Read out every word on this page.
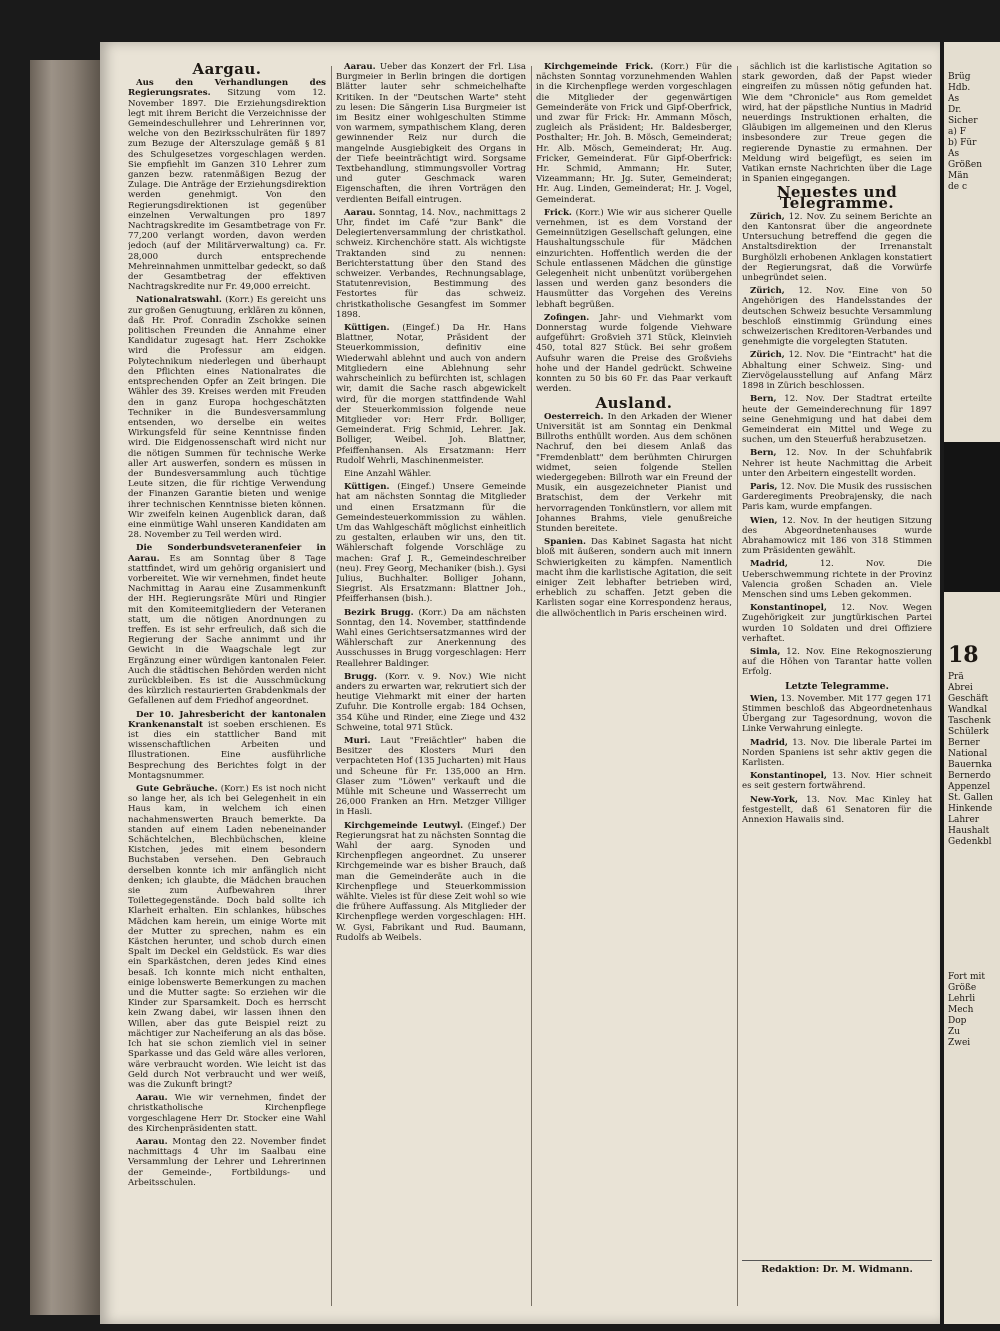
Aargau.

Aus den Verhandlungen des Regierungsrates. Sitzung vom 12. November 1897. Die Erziehungsdirektion legt mit ihrem Bericht die Verzeichnisse der Gemeindeschullehrer und Lehrerinnen vor, welche von den Bezirksschulräten für 1897 zum Bezuge der Alterszulage gemäß § 81 des Schulgesetzes vorgeschlagen werden. Sie empfiehlt im Ganzen 310 Lehrer zum ganzen bezw. ratenmäßigen Bezug der Zulage. Die Anträge der Erziehungsdirektion werden genehmigt. Von den Regierungsdirektionen ist gegenüber einzelnen Verwaltungen pro 1897 Nachtragskredite im Gesamtbetrage von Fr. 77,200 verlangt worden, davon werden jedoch (auf der Militärverwaltung) ca. Fr. 28,000 durch entsprechende Mehreinnahmen unmittelbar gedeckt, so daß der Gesamtbetrag der effektiven Nachtragskredite nur Fr. 49,000 erreicht.

Nationalratswahl. (Korr.) Es gereicht uns zur großen Genugtuung, erklären zu können, daß Hr. Prof. Conradin Zschokke seinen politischen Freunden die Annahme einer Kandidatur zugesagt hat. Herr Zschokke wird die Professur am eidgen. Polytechnikum niederlegen und überhaupt den Pflichten eines Nationalrates die entsprechenden Opfer an Zeit bringen. Die Wähler des 39. Kreises werden mit Freuden den in ganz Europa hochgeschätzten Techniker in die Bundesversammlung entsenden, wo derselbe ein weites Wirkungsfeld für seine Kenntnisse finden wird. Die Eidgenossenschaft wird nicht nur die nötigen Summen für technische Werke aller Art auswerfen, sondern es müssen in der Bundesversammlung auch tüchtige Leute sitzen, die für richtige Verwendung der Finanzen Garantie bieten und wenige ihrer technischen Kenntnisse bieten können. Wir zweifeln keinen Augenblick daran, daß eine einmütige Wahl unseren Kandidaten am 28. November zu Teil werden wird.

Die Sonderbundsveteranenfeier in Aarau. Es am Sonntag über 8 Tage stattfindet, wird um gehörig organisiert und vorbereitet. Wie wir vernehmen, findet heute Nachmittag in Aarau eine Zusammenkunft der HH. Regierungsräte Müri und Ringier mit den Komiteemitgliedern der Veteranen statt, um die nötigen Anordnungen zu treffen. Es ist sehr erfreulich, daß sich die Regierung der Sache annimmt und ihr Gewicht in die Waagschale legt zur Ergänzung einer würdigen kantonalen Feier. Auch die städtischen Behörden werden nicht zurückbleiben. Es ist die Ausschmückung des kürzlich restaurierten Grabdenkmals der Gefallenen auf dem Friedhof angeordnet.

Der 10. Jahresbericht der kantonalen Krankenanstalt ist soeben erschienen. Es ist dies ein stattlicher Band mit wissenschaftlichen Arbeiten und Illustrationen. Eine ausführliche Besprechung des Berichtes folgt in der Montagsnummer.

Gute Gebräuche. (Korr.) Es ist noch nicht so lange her, als ich bei Gelegenheit in ein Haus kam, in welchem ich einen nachahmenswerten Brauch bemerkte. Da standen auf einem Laden nebeneinander Schächtelchen, Blechbüchschen, kleine Kistchen, jedes mit einem besondern Buchstaben versehen. Den Gebrauch derselben konnte ich mir anfänglich nicht denken; ich glaubte, die Mädchen brauchen sie zum Aufbewahren ihrer Toilettegegenstände. Doch bald sollte ich Klarheit erhalten. Ein schlankes, hübsches Mädchen kam herein, um einige Worte mit der Mutter zu sprechen, nahm es ein Kästchen herunter, und schob durch einen Spalt im Deckel ein Geldstück. Es war dies ein Sparkästchen, deren jedes Kind eines besaß. Ich konnte mich nicht enthalten, einige lobenswerte Bemerkungen zu machen und die Mutter sagte: So erziehen wir die Kinder zur Sparsamkeit. Doch es herrscht kein Zwang dabei, wir lassen ihnen den Willen, aber das gute Beispiel reizt zu mächtiger zur Nacheiferung an als das böse. Ich hat sie schon ziemlich viel in seiner Sparkasse und das Geld wäre alles verloren, wäre verbraucht worden. Wie leicht ist das Geld durch Not verbraucht und wer weiß, was die Zukunft bringt?

Aarau. Wie wir vernehmen, findet der christkatholische Kirchenpflege vorgeschlagene Herr Dr. Stocker eine Wahl des Kirchenpräsidenten statt.

Aarau. Montag den 22. November findet nachmittags 4 Uhr im Saalbau eine Versammlung der Lehrer und Lehrerinnen der Gemeinde-, Fortbildungs- und Arbeitsschulen.

Aarau. Ueber das Konzert der Frl. Lisa Burgmeier in Berlin bringen die dortigen Blätter lauter sehr schmeichelhafte Kritiken. In der "Deutschen Warte" steht zu lesen: Die Sängerin Lisa Burgmeier ist im Besitz einer wohlgeschulten Stimme von warmem, sympathischem Klang, deren gewinnender Reiz nur durch die mangelnde Ausgiebigkeit des Organs in der Tiefe beeinträchtigt wird. Sorgsame Textbehandlung, stimmungsvoller Vortrag und guter Geschmack waren Eigenschaften, die ihren Vorträgen den verdienten Beifall eintrugen.

Aarau. Sonntag, 14. Nov., nachmittags 2 Uhr, findet im Café "zur Bank" die Delegiertenversammlung der christkathol. schweiz. Kirchenchöre statt. Als wichtigste Traktanden sind zu nennen: Berichterstattung über den Stand des schweizer. Verbandes, Rechnungsablage, Statutenrevision, Bestimmung des Festortes für das schweiz. christkatholische Gesangfest im Sommer 1898.

Küttigen. (Eingef.) Da Hr. Hans Blattner, Notar, Präsident der Steuerkommission, definitiv eine Wiederwahl ablehnt und auch von andern Mitgliedern eine Ablehnung sehr wahrscheinlich zu befürchten ist, schlagen wir, damit die Sache rasch abgewickelt wird, für die morgen stattfindende Wahl der Steuerkommission folgende neue Mitglieder vor: Herr Frdr. Bolliger, Gemeinderat. Frig Schmid, Lehrer. Jak. Bolliger, Weibel. Joh. Blattner, Pfeiffenhansen. Als Ersatzmann: Herr Rudolf Wehrli, Maschinenmeister.

Eine Anzahl Wähler.

Küttigen. (Eingef.) Unsere Gemeinde hat am nächsten Sonntag die Mitglieder und einen Ersatzmann für die Gemeindesteuerkommission zu wählen. Um das Wahlgeschäft möglichst einheitlich zu gestalten, erlauben wir uns, den tit. Wählerschaft folgende Vorschläge zu machen: Graf J. R., Gemeindeschreiber (neu). Frey Georg, Mechaniker (bish.). Gysi Julius, Buchhalter. Bolliger Johann, Siegrist. Als Ersatzmann: Blattner Joh., Pfeifferhansen (bish.).

Bezirk Brugg. (Korr.) Da am nächsten Sonntag, den 14. November, stattfindende Wahl eines Gerichtsersatzmannes wird der Wählerschaft zur Anerkennung des Ausschusses in Brugg vorgeschlagen: Herr Reallehrer Baldinger.

Brugg. (Korr. v. 9. Nov.) Wie nicht anders zu erwarten war, rekrutiert sich der heutige Viehmarkt mit einer der harten Zufuhr. Die Kontrolle ergab: 184 Ochsen, 354 Kühe und Rinder, eine Ziege und 432 Schweine, total 971 Stück.

Muri. Laut "Freiächtler" haben die Besitzer des Klosters Muri den verpachteten Hof (135 Jucharten) mit Haus und Scheune für Fr. 135,000 an Hrn. Glaser zum "Löwen" verkauft und die Mühle mit Scheune und Wasserrecht um 26,000 Franken an Hrn. Metzger Villiger in Hasli.

Kirchgemeinde Leutwyl. (Eingef.) Der Regierungsrat hat zu nächsten Sonntag die Wahl der aarg. Synoden und Kirchenpflegen angeordnet. Zu unserer Kirchgemeinde war es bisher Brauch, daß man die Gemeinderäte auch in die Kirchenpflege und Steuerkommission wählte. Vieles ist für diese Zeit wohl so wie die frühere Auffassung. Als Mitglieder der Kirchenpflege werden vorgeschlagen: HH. W. Gysi, Fabrikant und Rud. Baumann, Rudolfs ab Weibels.

Kirchgemeinde Frick. (Korr.) Für die nächsten Sonntag vorzunehmenden Wahlen in die Kirchenpflege werden vorgeschlagen die Mitglieder der gegenwärtigen Gemeinderäte von Frick und Gipf-Oberfrick, und zwar für Frick: Hr. Ammann Mösch, zugleich als Präsident; Hr. Baldesberger, Posthalter; Hr. Joh. B. Mösch, Gemeinderat; Hr. Alb. Mösch, Gemeinderat; Hr. Aug. Fricker, Gemeinderat. Für Gipf-Oberfrick: Hr. Schmid, Ammann; Hr. Suter, Vizeammann; Hr. Jg. Suter, Gemeinderat; Hr. Aug. Linden, Gemeinderat; Hr. J. Vogel, Gemeinderat.

Frick. (Korr.) Wie wir aus sicherer Quelle vernehmen, ist es dem Vorstand der Gemeinnützigen Gesellschaft gelungen, eine Haushaltungsschule für Mädchen einzurichten. Hoffentlich werden die der Schule entlassenen Mädchen die günstige Gelegenheit nicht unbenützt vorübergehen lassen und werden ganz besonders die Hausmütter das Vorgehen des Vereins lebhaft begrüßen.

Zofingen. Jahr- und Viehmarkt vom Donnerstag wurde folgende Viehware aufgeführt: Großvieh 371 Stück, Kleinvieh 450, total 827 Stück. Bei sehr großem Aufsuhr waren die Preise des Großviehs hohe und der Handel gedrückt. Schweine konnten zu 50 bis 60 Fr. das Paar verkauft werden.

Ausland.

Oesterreich. In den Arkaden der Wiener Universität ist am Sonntag ein Denkmal Billroths enthüllt worden. Aus dem schönen Nachruf, den bei diesem Anlaß das "Fremdenblatt" dem berühmten Chirurgen widmet, seien folgende Stellen wiedergegeben: Billroth war ein Freund der Musik, ein ausgezeichneter Pianist und Bratschist, dem der Verkehr mit hervorragenden Tonkünstlern, vor allem mit Johannes Brahms, viele genußreiche Stunden bereitete.

Spanien. Das Kabinet Sagasta hat nicht bloß mit äußeren, sondern auch mit innern Schwierigkeiten zu kämpfen. Namentlich macht ihm die karlistische Agitation, die seit einiger Zeit lebhafter betrieben wird, erheblich zu schaffen. Jetzt geben die Karlisten sogar eine Korrespondenz heraus, die allwöchentlich in Paris erscheinen wird.

sächlich ist die karlistische Agitation so stark geworden, daß der Papst wieder eingreifen zu müssen nötig gefunden hat. Wie dem "Chronicle" aus Rom gemeldet wird, hat der päpstliche Nuntius in Madrid neuerdings Instruktionen erhalten, die Gläubigen im allgemeinen und den Klerus insbesondere zur Treue gegen die regierende Dynastie zu ermahnen. Der Meldung wird beigefügt, es seien im Vatikan ernste Nachrichten über die Lage in Spanien eingegangen.

Neuestes und Telegramme.

Zürich, 12. Nov. Zu seinem Berichte an den Kantonsrat über die angeordnete Untersuchung betreffend die gegen die Anstaltsdirektion der Irrenanstalt Burghölzli erhobenen Anklagen konstatiert der Regierungsrat, daß die Vorwürfe unbegründet seien.

Zürich, 12. Nov. Eine von 50 Angehörigen des Handelsstandes der deutschen Schweiz besuchte Versammlung beschloß einstimmig Gründung eines schweizerischen Kreditoren-Verbandes und genehmigte die vorgelegten Statuten.

Zürich, 12. Nov. Die "Eintracht" hat die Abhaltung einer Schweiz. Sing- und Ziervögelausstellung auf Anfang März 1898 in Zürich beschlossen.

Bern, 12. Nov. Der Stadtrat erteilte heute der Gemeinderechnung für 1897 seine Genehmigung und hat dabei dem Gemeinderat ein Mittel und Wege zu suchen, um den Steuerfuß herabzusetzen.

Bern, 12. Nov. In der Schuhfabrik Nehrer ist heute Nachmittag die Arbeit unter den Arbeitern eingestellt worden.

Paris, 12. Nov. Die Musik des russischen Garderegiments Preobrajensky, die nach Paris kam, wurde empfangen.

Wien, 12. Nov. In der heutigen Sitzung des Abgeordnetenhauses wurde Abrahamowicz mit 186 von 318 Stimmen zum Präsidenten gewählt.

Madrid, 12. Nov. Die Ueberschwemmung richtete in der Provinz Valencia großen Schaden an. Viele Menschen sind ums Leben gekommen.

Konstantinopel, 12. Nov. Wegen Zugehörigkeit zur jungtürkischen Partei wurden 10 Soldaten und drei Offiziere verhaftet.

Simla, 12. Nov. Eine Rekognoszierung auf die Höhen von Tarantar hatte vollen Erfolg.

Letzte Telegramme.

Wien, 13. November. Mit 177 gegen 171 Stimmen beschloß das Abgeordnetenhaus Übergang zur Tagesordnung, wovon die Linke Verwahrung einlegte.

Madrid, 13. Nov. Die liberale Partei im Norden Spaniens ist sehr aktiv gegen die Karlisten.

Konstantinopel, 13. Nov. Hier schneit es seit gestern fortwährend.

New-York, 13. Nov. Mac Kinley hat festgestellt, daß 61 Senatoren für die Annexion Hawaiis sind.

Redaktion: Dr. M. Widmann.
Brüg
Hdb.
As
Dr.
Sicher
a) F
b) Für
As
Größen
Män
de c
18
Prä
Abrei
Geschäft
Wandkal
Taschenk
Schülerk
Berner
National
Bauernka
Bernerdo
Appenzel
St. Gallen
Hinkende
Lahrer
Haushalt
Gedenkbl
Fort mit
Größe
Lehrli
Mech
Dop
Zu
Zwei
